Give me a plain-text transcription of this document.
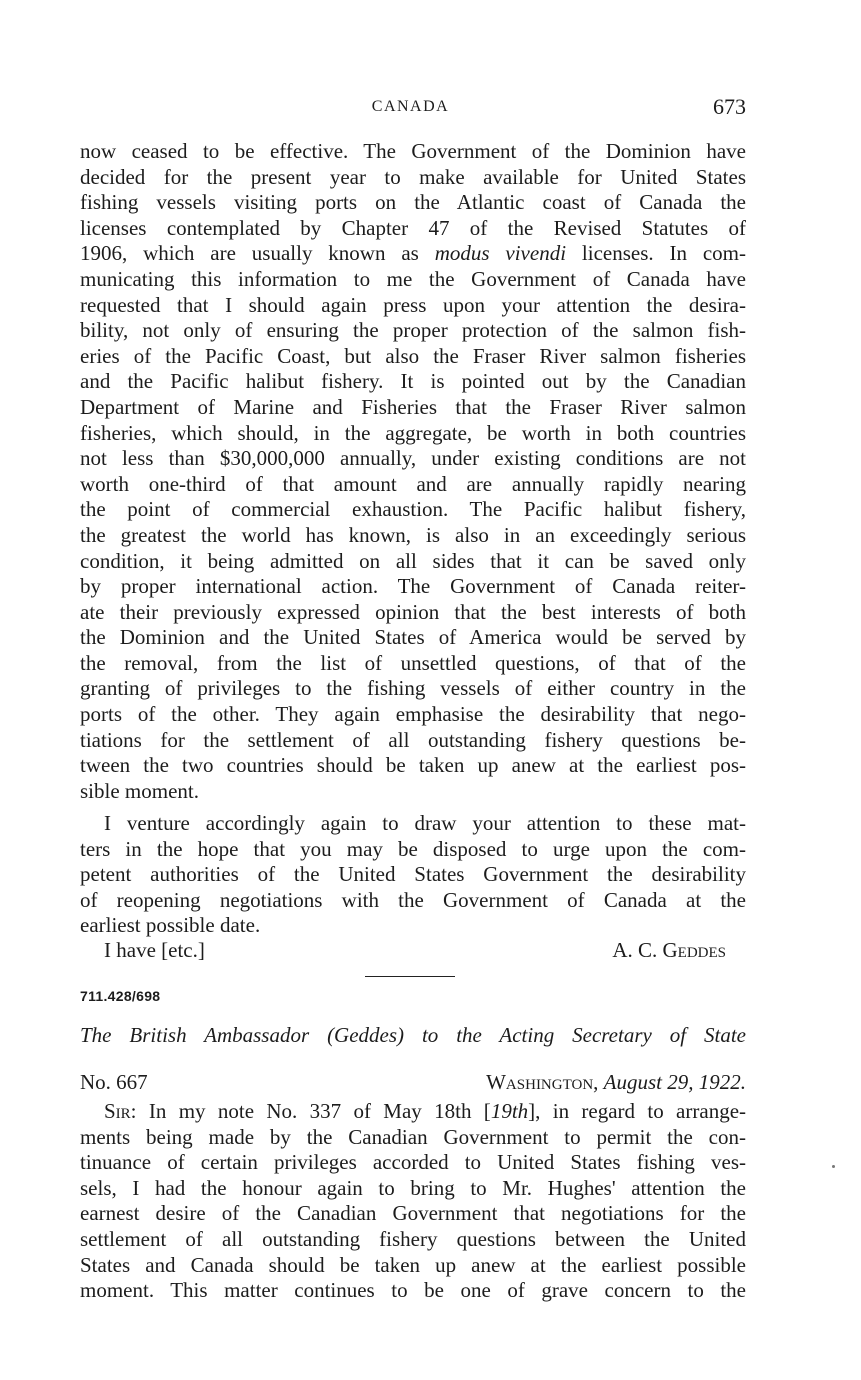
CANADA	673
now ceased to be effective. The Government of the Dominion have
decided for the present year to make available for United States
fishing vessels visiting ports on the Atlantic coast of Canada the
licenses contemplated by Chapter 47 of the Revised Statutes of
1906, which are usually known as modus vivendi licenses. In com-
municating this information to me the Government of Canada have
requested that I should again press upon your attention the desira-
bility, not only of ensuring the proper protection of the salmon fish-
eries of the Pacific Coast, but also the Fraser River salmon fisheries
and the Pacific halibut fishery. It is pointed out by the Canadian
Department of Marine and Fisheries that the Fraser River salmon
fisheries, which should, in the aggregate, be worth in both countries
not less than $30,000,000 annually, under existing conditions are not
worth one-third of that amount and are annually rapidly nearing
the point of commercial exhaustion. The Pacific halibut fishery,
the greatest the world has known, is also in an exceedingly serious
condition, it being admitted on all sides that it can be saved only
by proper international action. The Government of Canada reiter-
ate their previously expressed opinion that the best interests of both
the Dominion and the United States of America would be served by
the removal, from the list of unsettled questions, of that of the
granting of privileges to the fishing vessels of either country in the
ports of the other. They again emphasise the desirability that nego-
tiations for the settlement of all outstanding fishery questions be-
tween the two countries should be taken up anew at the earliest pos-
sible moment.
I venture accordingly again to draw your attention to these mat-
ters in the hope that you may be disposed to urge upon the com-
petent authorities of the United States Government the desirability
of reopening negotiations with the Government of Canada at the
earliest possible date.
I have [etc.]	A. C. Geddes
711.428/698
The British Ambassador (Geddes) to the Acting Secretary of State
No. 667	Washington, August 29, 1922.
Sir: In my note No. 337 of May 18th [19th], in regard to arrange-
ments being made by the Canadian Government to permit the con-
tinuance of certain privileges accorded to United States fishing ves-
sels, I had the honour again to bring to Mr. Hughes' attention the
earnest desire of the Canadian Government that negotiations for the
settlement of all outstanding fishery questions between the United
States and Canada should be taken up anew at the earliest possible
moment. This matter continues to be one of grave concern to the
